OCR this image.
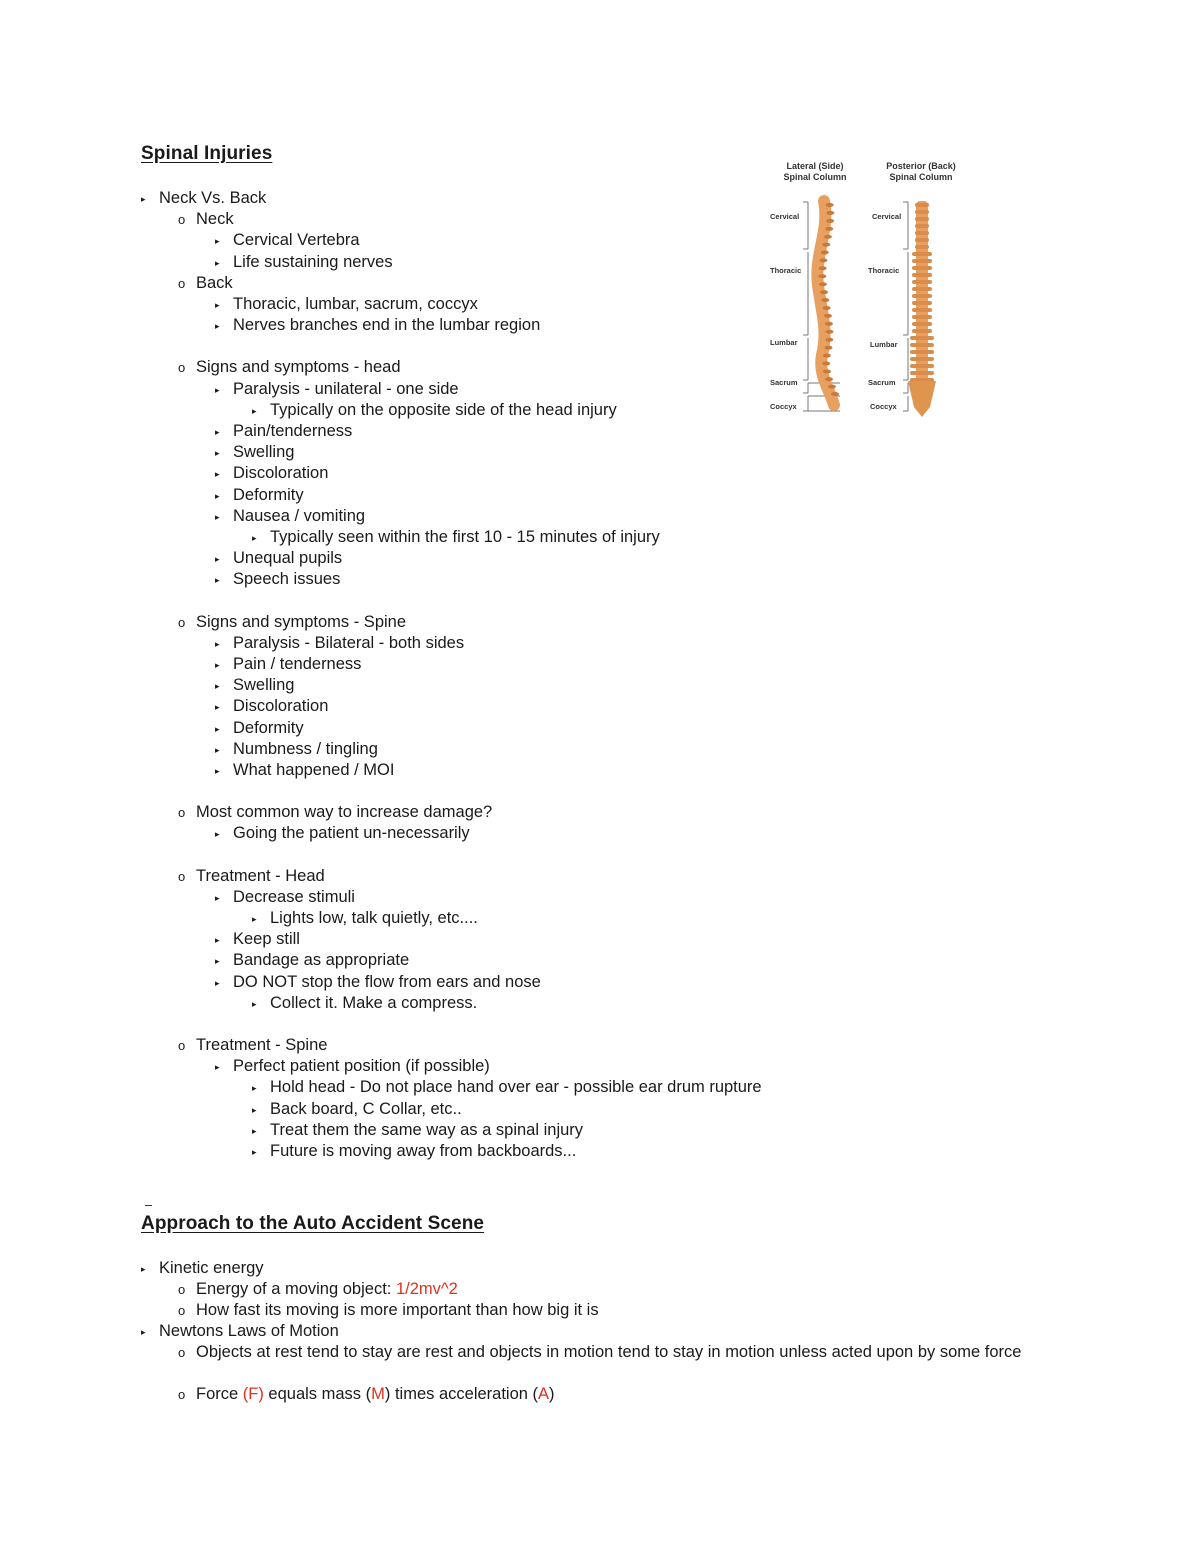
Spinal Injuries
▸ Neck Vs. Back
o Neck
▸ Cervical Vertebra
▸ Life sustaining nerves
o Back
▸ Thoracic, lumbar, sacrum, coccyx
▸ Nerves branches end in the lumbar region
o Signs and symptoms - head
▸ Paralysis - unilateral - one side
▸ Typically on the opposite side of the head injury
▸ Pain/tenderness
▸ Swelling
▸ Discoloration
▸ Deformity
▸ Nausea / vomiting
▸ Typically seen within the first 10 - 15 minutes of injury
▸ Unequal pupils
▸ Speech issues
o Signs and symptoms - Spine
▸ Paralysis - Bilateral - both sides
▸ Pain / tenderness
▸ Swelling
▸ Discoloration
▸ Deformity
▸ Numbness / tingling
▸ What happened / MOI
o Most common way to increase damage?
▸ Going the patient un-necessarily
o Treatment - Head
▸ Decrease stimuli
▸ Lights low, talk quietly, etc....
▸ Keep still
▸ Bandage as appropriate
▸ DO NOT stop the flow from ears and nose
▸ Collect it. Make a compress.
o Treatment - Spine
▸ Perfect patient position (if possible)
▸ Hold head - Do not place hand over ear - possible ear drum rupture
▸ Back board, C Collar, etc..
▸ Treat them the same way as a spinal injury
▸ Future is moving away from backboards...
Lateral (Side)
Spinal Column
Posterior (Back)
Spinal Column
Cervical
Thoracic
Lumbar
Sacrum
Coccyx
Cervical
Thoracic
Lumbar
Sacrum
Coccyx
Approach to the Auto Accident Scene
▸ Kinetic energy
o Energy of a moving object: 1/2mv^2
o How fast its moving is more important than how big it is
▸ Newtons Laws of Motion
o Objects at rest tend to stay are rest and objects in motion tend to stay in motion unless acted upon by some force
o Force (F) equals mass (M) times acceleration (A)
